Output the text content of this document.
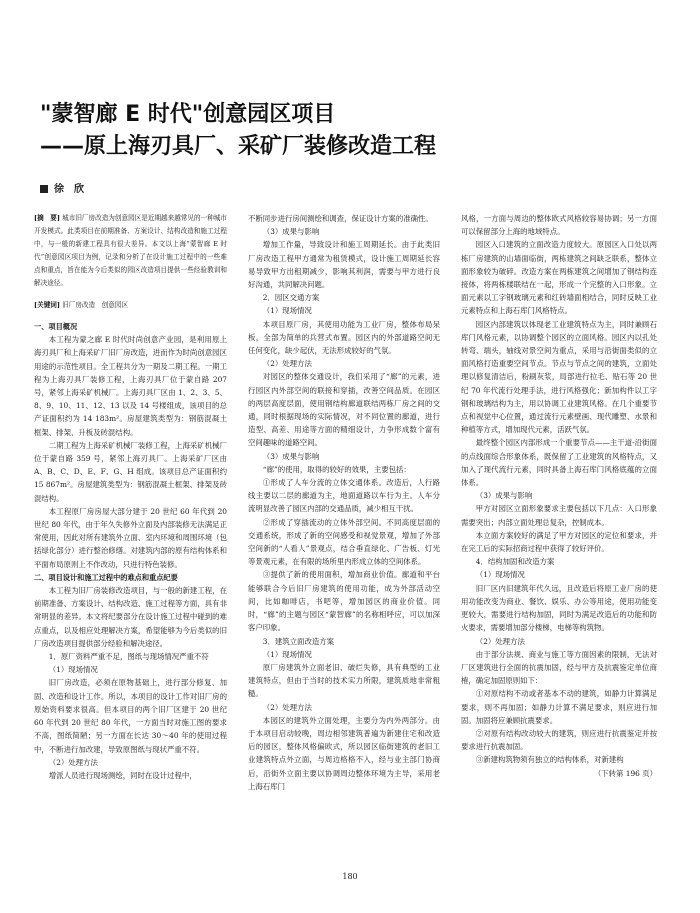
"蒙智廊 E 时代"创意园区项目
——原上海刃具厂、采矿厂装修改造工程
徐　欣

[摘　要] 城市旧厂房改造为创意园区是近期越来越常见的一种城市开发模式。此类项目在前期准备、方案设计、结构改造和施工过程中，与一般的新建工程具有很大差异。本文以上海“蒙智廊 E 时代”创意园区项目为例，记录和分析了在设计施工过程中的一些难点和重点，旨在能为今后类似的园区改造项目提供一些经验教训和解决途径。

[关键词] 旧厂房改造　创意园区

一、项目概况

本工程为蒙之廊 E 时代时尚创意产业园，是利用原上海刃具厂和上海采矿厂旧厂房改造，进而作为时尚创意园区用途的示范性项目。全工程共分为一期及二期工程。一期工程为上海刃具厂装修工程，上海刃具厂位于蒙自路 207 号，紧邻上海采矿机械厂。上海刃具厂区由 1、2、3、5、8、9、10、11、12、13 以及 14 号楼组成，该项目的总产证面积约为 14 183m²。房屋建筑类型为：钢筋混凝土框架、排架、升板及砖混结构。

二期工程为上海采矿机械厂装修工程，上海采矿机械厂位于蒙自路 359 号，紧邻上海刃具厂。上海采矿厂区由 A、B、C、D、E、F、G、H 组成。该项目总产证面积约 15 867m²。房屋建筑类型为：钢筋混凝土框架、排架及砖混结构。

本工程原厂房房屋大部分建于 20 世纪 60 年代到 20 世纪 80 年代，由于年久失修外立面及内部装修无法满足正常使用，因此对所有建筑外立面、室内环境和周围环境（包括绿化部分）进行整治修缮。对建筑内部的原有结构体系和平面布局原则上不作改动，只进行特色装修。

二、项目设计和施工过程中的难点和重点纪要

本工程为旧厂房装修改造项目，与一般的新建工程，在前期准备、方案设计、结构改造、施工过程等方面，具有非常明显的差异。本文将纪要部分在设计施工过程中碰到的难点重点，以及相应处理解决方案，希望能够为今后类似的旧厂房改造项目提供部分经验和解决途径。

1．原厂资料严重不足，图纸与现场情况严重不符

（1）现场情况

旧厂房改造，必须在原物基础上，进行部分修复、加固、改造和设计工作。所以，本项目的设计工作对旧厂房的原始资料要求很高。但本项目的两个旧厂区建于 20 世纪 60 年代到 20 世纪 80 年代，一方面当时对施工图的要求不高，图纸简陋；另一方面在长达 30～40 年的使用过程中，不断进行加改建，导致原图纸与现状严重不符。

（2）处理方法

增派人员进行现场测绘，同时在设计过程中，

不断同步进行房间测绘和调查，保证设计方案的准确性。

（3）成果与影响

增加工作量，导致设计和施工周期延长。由于此类旧厂房改造工程甲方通常为租赁模式，设计施工周期延长容易导致甲方出租期减少，影响其利润，需要与甲方进行良好沟通，共同解决问题。

2．园区交通方案

（1）现场情况

本项目原厂房，其使用功能为工业厂房，整体布局呆板，全部为简单的兵营式布置。园区内的外部道路空间无任何变化，缺少起伏，无法形成较好的气氛。

（2）处理方法

对园区的整体交通设计，我们采用了“廊”的元素，进行园区内外部空间的联接和穿插，改善空间品质。在园区的两层高度层面，使用钢结构廊道联结两栋厂房之间的交通，同时根据现场的实际情况，对不同位置的廊道，进行造型、高差、用途等方面的精细设计，力争形成数个富有空间趣味的道路空间。

（3）成果与影响

“廊”的使用，取得的较好的效果，主要包括：

①形成了人车分流的立体交通体系。改造后，人行路线主要以二层的廊道为主，地面道路以车行为主。人车分流明显改善了园区内部的交通品质，减少相互干扰。

②形成了穿插流动的立体外部空间。不同高度层面的交通系统，形成了新的空间感受和视觉景观，增加了外部空间新的“人看人”景观点，结合垂直绿化、广告板、灯光等景观元素，在有限的场所里内形成立体的空间体系。

③提供了新的使用面积，增加商业价值。廊道和平台能够联合今后旧厂房建筑的使用功能，成为外部活动空间，比如咖啡店，书吧等，增加园区的商业价值。同时，“廊”的主题与园区“蒙智廊”的名称相呼应，可以加深客户印象。

3．建筑立面改造方案

（1）现场情况

原厂房建筑外立面老旧、破烂失修，具有典型的工业建筑特点，但由于当时的技术实力所限，建筑质地非常粗糙。

（2）处理方法

本园区的建筑外立面处理，主要分为内外两部分。由于本项目启动较晚，周边相邻建筑普遍为新建住宅和改造后的园区，整体风格偏欧式，所以园区临街建筑的老旧工业建筑特点外立面，与周边格格不入，经与业主部门协商后，沿街外立面主要以协调周边整体环境为主导，采用老上海石库门

风格，一方面与周边的整体欧式风格较容易协调；另一方面可以保留部分上海的地域特点。

园区入口建筑的立面改造力度较大。原园区入口处以两栋厂房建筑的山墙面临街，两栋建筑之间缺乏联系，整体立面形象较为破碎。改造方案在两栋建筑之间增加了钢结构连接体，将两栋楼联结在一起，形成一个完整的入口形象。立面元素以工字钢玻璃元素和红砖墙面相结合，同时反映工业元素特点和上海石库门风格特点。

园区内部建筑以体现老工业建筑特点为主，同时兼顾石库门风格元素，以协调整个园区的立面风格。园区内以孔处转弯、端头，轴线对景空间为重点，采用与沿街面类似的立面风格打造重要空间节点。节点与节点之间的建筑，立面处理以修复清洁后，粉刷灰浆，局部进行拉毛、贴石等 20 世纪 70 年代流行处理手法，进行风格强化；新加构件以工字钢和玻璃结构为主，用以协调工业建筑风格。在几个重要节点和视觉中心位置，通过流行元素壁画、现代雕塑、水景和种植等方式，增加现代元素，活跃气氛。

最终整个园区内部形成一个重要节点——主干道-沿街面的点线面综合形象体系，既保留了工业建筑的风格特点，又加入了现代流行元素，同时具备上海石库门风格底蕴的立面体系。

（3）成果与影响

甲方对园区立面形象要求主要包括以下几点：入口形象需要突出；内部立面处理总复杂，控制成本。

本立面方案较好的满足了甲方对园区的定位和要求，并在完工后的实际招商过程中获得了较好评价。

4．结构加固和改造方案

（1）现场情况

旧厂区内旧建筑年代久远，且改造后将原工业厂房的使用功能改变为商业、餐饮、娱乐、办公等用途，使用功能变更较大，需要进行结构加固，同时为满足改造后的功能和防火要求，需要增加部分楼梯，电梯等构筑物。

（2）处理方法

由于部分法规、商业与施工等方面因素的限制，无法对厂区建筑进行全面的抗震加固，经与甲方及抗震鉴定单位商榷，确定加固原则如下：

①对原结构不动或者基本不动的建筑，如静力计算满足要求，则不再加固；如静力计算不满足要求，则应进行加固。加固将应兼顾抗震要求。

②对原有结构改动较大的建筑，则应进行抗震鉴定并按要求进行抗震加固。

③新建构筑物须有独立的结构体系，对新建构

（下转第 196 页）

180
